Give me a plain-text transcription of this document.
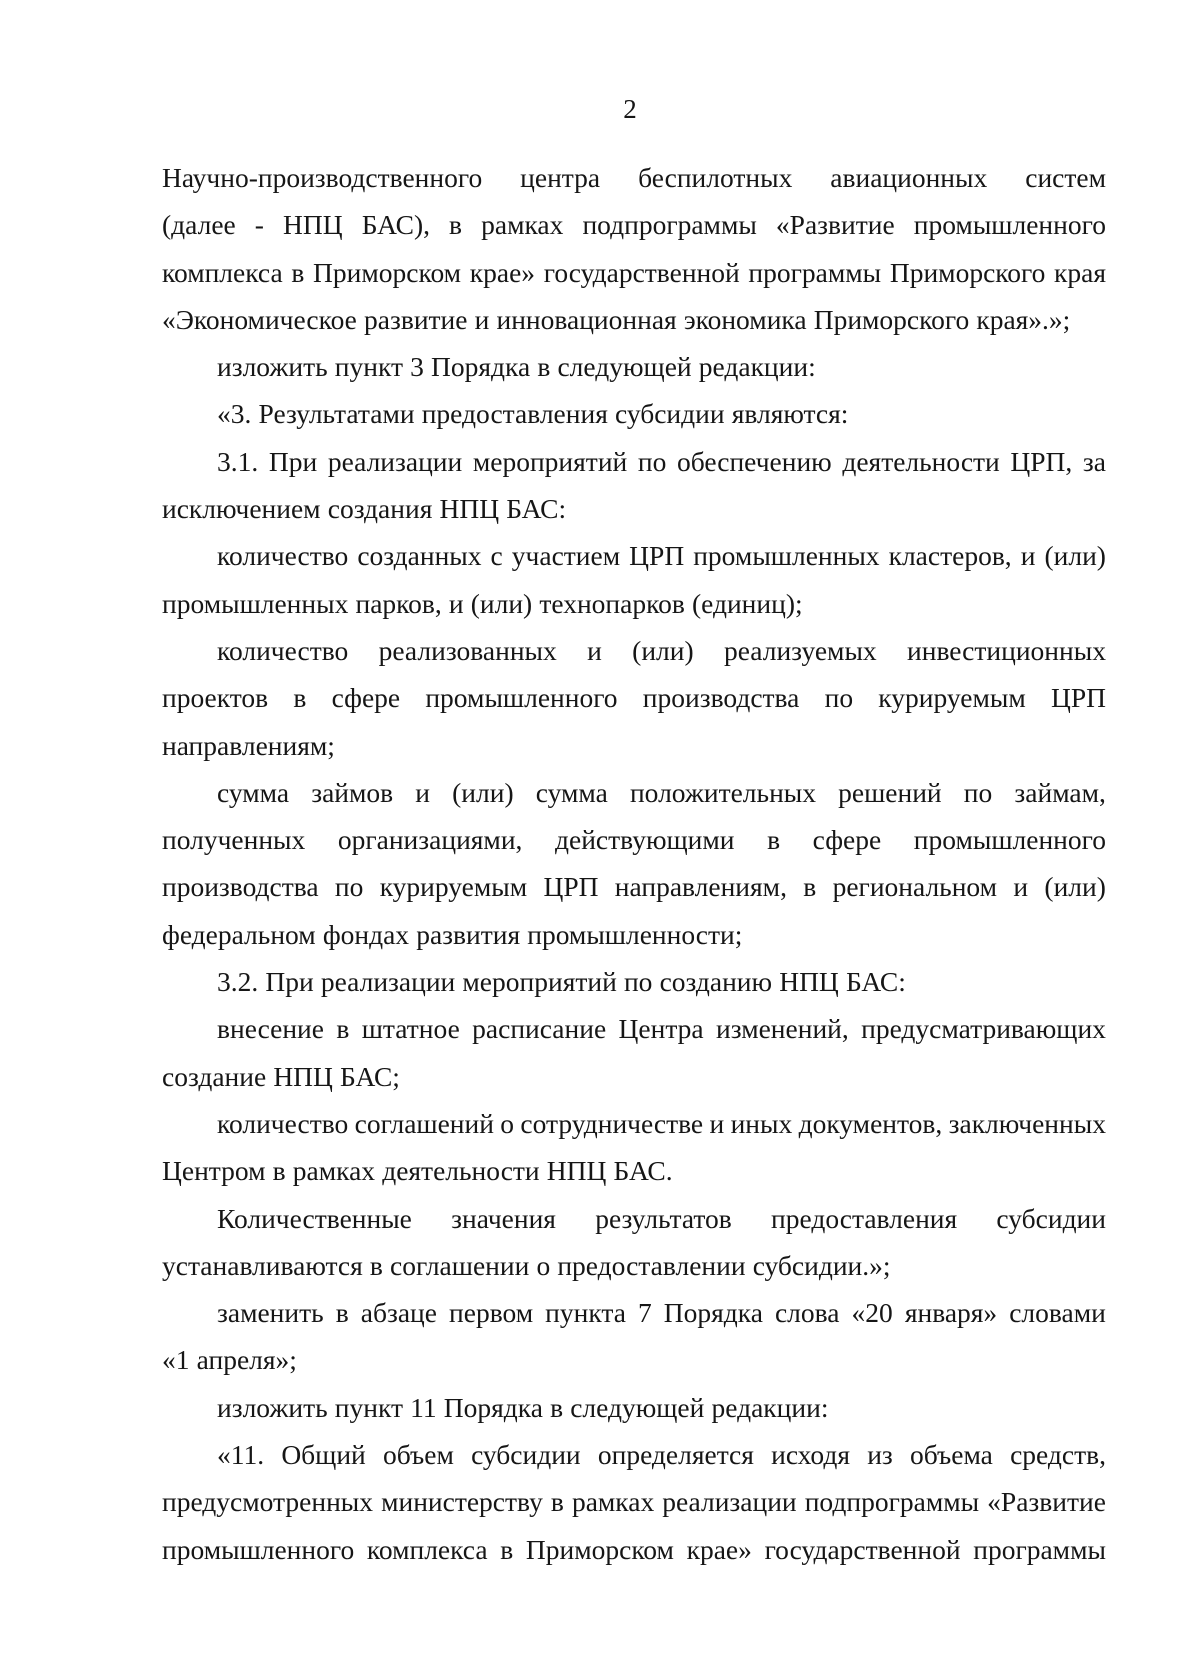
2
Научно-производственного центра беспилотных авиационных систем
(далее - НПЦ БАС), в рамках подпрограммы «Развитие промышленного
комплекса в Приморском крае» государственной программы Приморского края
«Экономическое развитие и инновационная экономика Приморского края».»;
изложить пункт 3 Порядка в следующей редакции:
«3. Результатами предоставления субсидии являются:
3.1. При реализации мероприятий по обеспечению деятельности ЦРП, за
исключением создания НПЦ БАС:
количество созданных с участием ЦРП промышленных кластеров, и (или)
промышленных парков, и (или) технопарков (единиц);
количество реализованных и (или) реализуемых инвестиционных
проектов в сфере промышленного производства по курируемым ЦРП
направлениям;
сумма займов и (или) сумма положительных решений по займам,
полученных организациями, действующими в сфере промышленного
производства по курируемым ЦРП направлениям, в региональном и (или)
федеральном фондах развития промышленности;
3.2. При реализации мероприятий по созданию НПЦ БАС:
внесение в штатное расписание Центра изменений, предусматривающих
создание НПЦ БАС;
количество соглашений о сотрудничестве и иных документов, заключенных
Центром в рамках деятельности НПЦ БАС.
Количественные значения результатов предоставления субсидии
устанавливаются в соглашении о предоставлении субсидии.»;
заменить в абзаце первом пункта 7 Порядка слова «20 января» словами
«1 апреля»;
изложить пункт 11 Порядка в следующей редакции:
«11. Общий объем субсидии определяется исходя из объема средств,
предусмотренных министерству в рамках реализации подпрограммы «Развитие
промышленного комплекса в Приморском крае» государственной программы
